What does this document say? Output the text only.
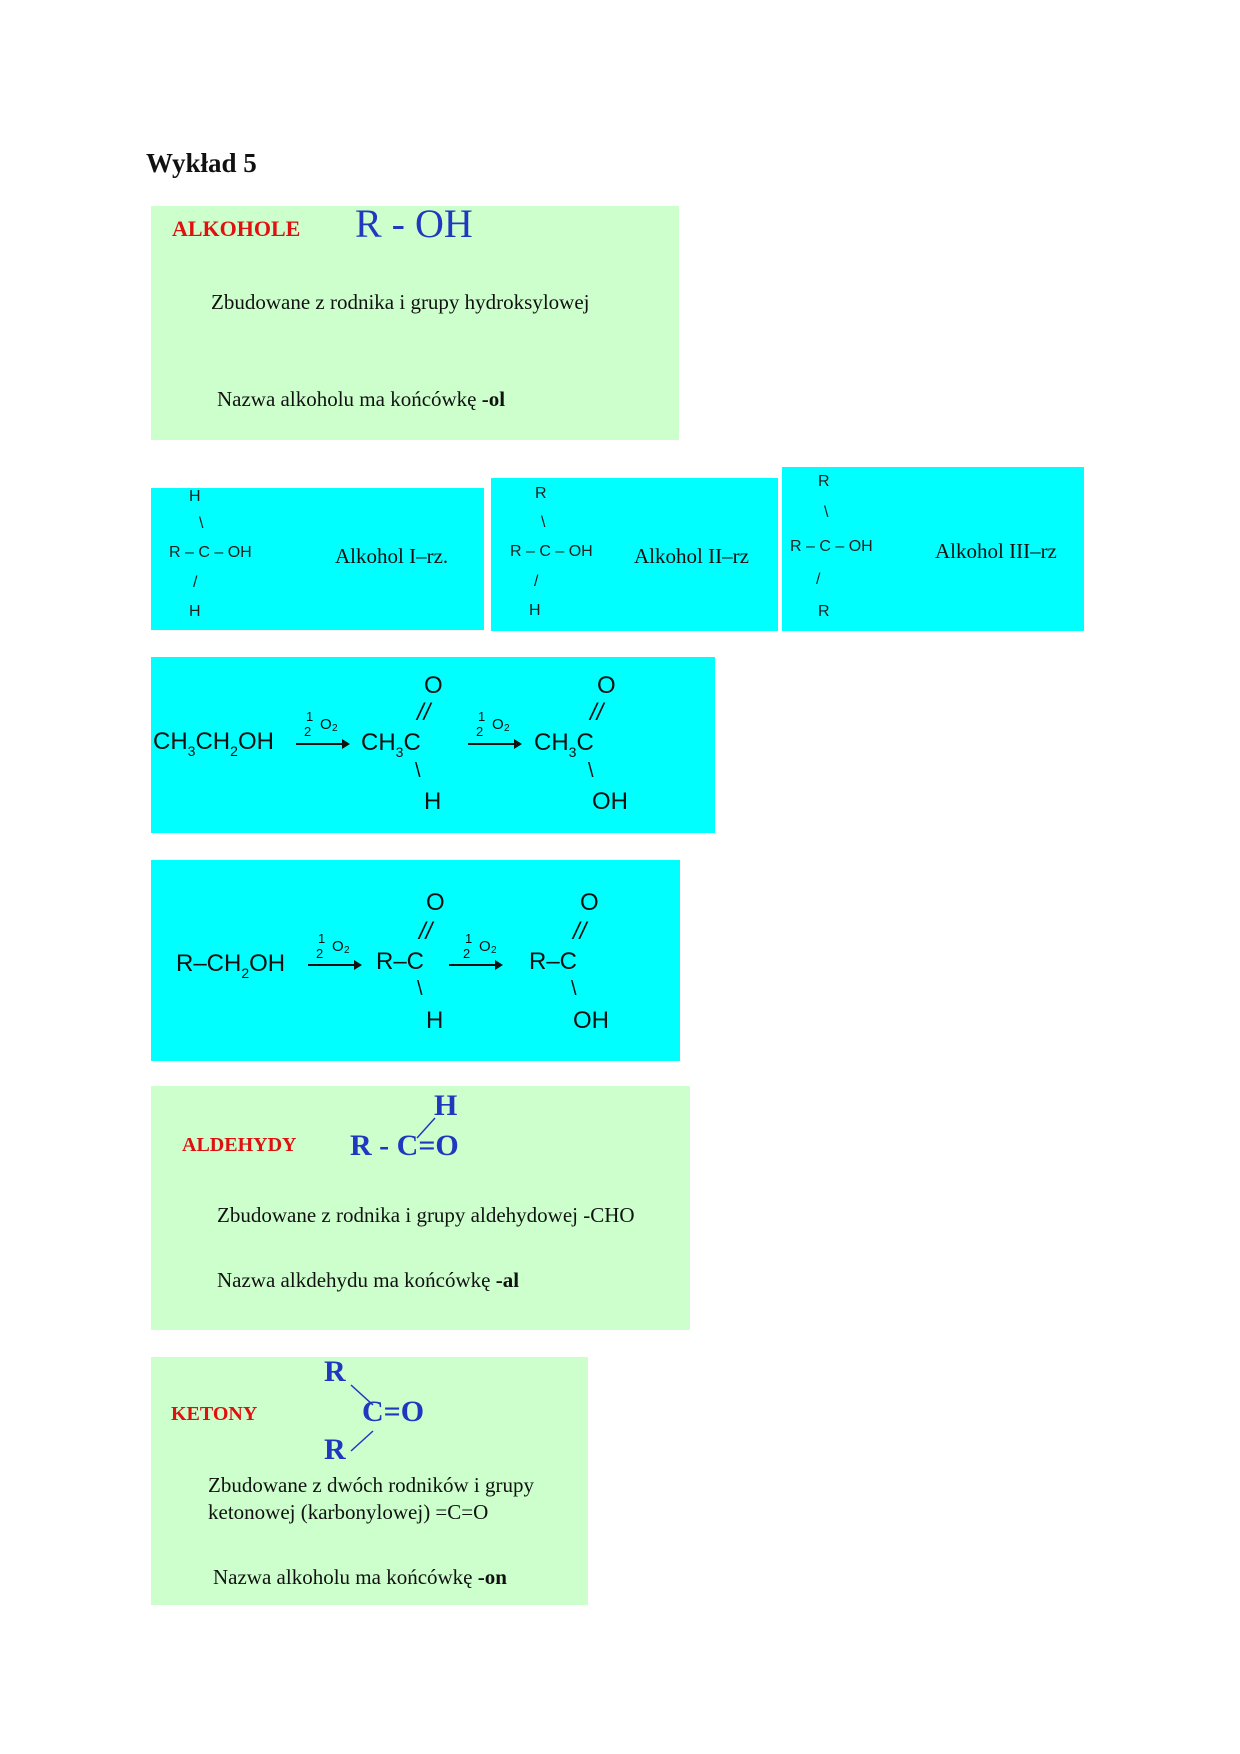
Wykład 5
ALKOHOLE R - OH
Zbudowane z rodnika i grupy hydroksylowej
Nazwa alkoholu ma końcówkę -ol
H
\
R – C – OH
/
H
Alkohol I–rz.
R
\
R – C – OH
/
H
Alkohol II–rz
R
\
R – C – OH
/
R
Alkohol III–rz
$CH_3CH_2OH$
1
2 O 2
O
//
$CH_3C$
\
H
1
2 O 2
O
//
$CH_3C$
\
OH
$R-CH_2OH$
1
2 O 2
O
//
R–C
\
H
1
2 O 2
O
//
R–C
\
OH
ALDEHYDY
H
R - C=O
Zbudowane z rodnika i grupy aldehydowej -CHO
Nazwa alkdehydu ma końcówkę -al
KETONY
R
C=O
R
Zbudowane z dwóch rodników i grupy
ketonowej (karbonylowej) =C=O
Nazwa alkoholu ma końcówkę -on
